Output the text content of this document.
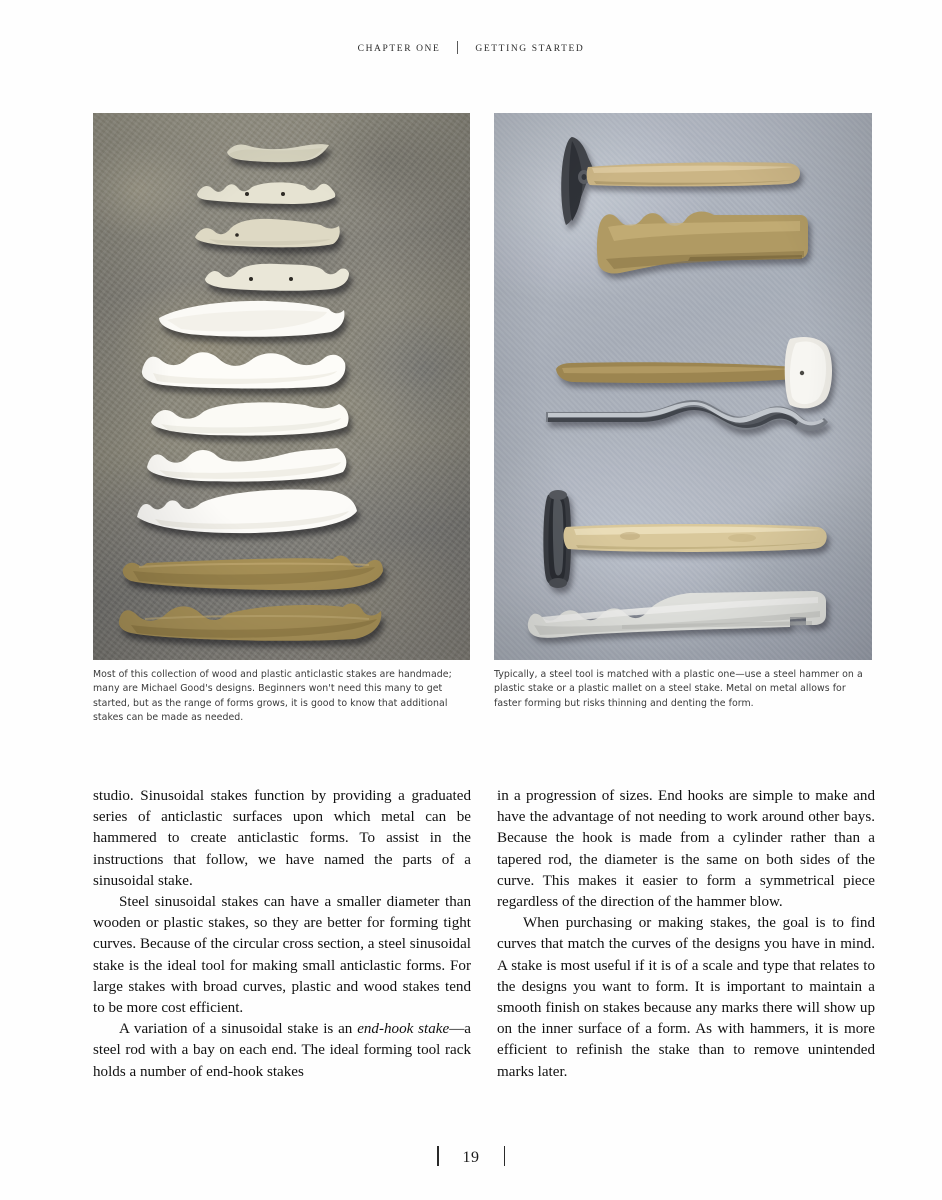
CHAPTER ONE	GETTING STARTED
Most of this collection of wood and plastic anticlastic stakes are handmade; many are Michael Good's designs. Beginners won't need this many to get started, but as the range of forms grows, it is good to know that additional stakes can be made as needed.
Typically, a steel tool is matched with a plastic one—use a steel hammer on a plastic stake or a plastic mallet on a steel stake. Metal on metal allows for faster forming but risks thinning and denting the form.

studio. Sinusoidal stakes function by providing a graduated series of anticlastic surfaces upon which metal can be hammered to create anticlastic forms. To assist in the instructions that follow, we have named the parts of a sinusoidal stake.

Steel sinusoidal stakes can have a smaller diameter than wooden or plastic stakes, so they are better for forming tight curves. Because of the circular cross section, a steel sinusoidal stake is the ideal tool for making small anticlastic forms. For large stakes with broad curves, plastic and wood stakes tend to be more cost efficient.

A variation of a sinusoidal stake is an end-hook stake—a steel rod with a bay on each end. The ideal forming tool rack holds a number of end-hook stakes

in a progression of sizes. End hooks are simple to make and have the advantage of not needing to work around other bays. Because the hook is made from a cylinder rather than a tapered rod, the diameter is the same on both sides of the curve. This makes it easier to form a symmetrical piece regardless of the direction of the hammer blow.

When purchasing or making stakes, the goal is to find curves that match the curves of the designs you have in mind. A stake is most useful if it is of a scale and type that relates to the designs you want to form. It is important to maintain a smooth finish on stakes because any marks there will show up on the inner surface of a form. As with hammers, it is more efficient to refinish the stake than to remove unintended marks later.

19
